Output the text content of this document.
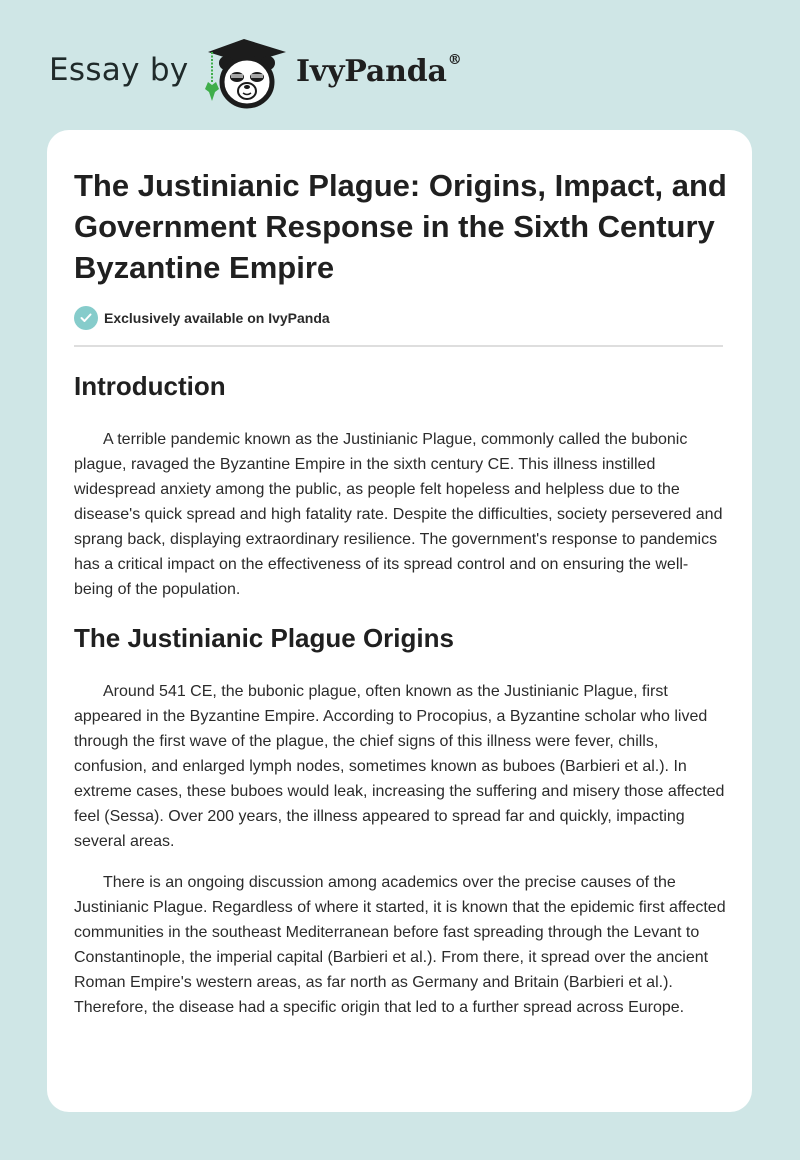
Essay by	IvyPanda®
The Justinianic Plague: Origins, Impact, and Government Response in the Sixth Century Byzantine Empire
Exclusively available on IvyPanda
Introduction

A terrible pandemic known as the Justinianic Plague, commonly called the bubonic plague, ravaged the Byzantine Empire in the sixth century CE. This illness instilled widespread anxiety among the public, as people felt hopeless and helpless due to the disease's quick spread and high fatality rate. Despite the difficulties, society persevered and sprang back, displaying extraordinary resilience. The government's response to pandemics has a critical impact on the effectiveness of its spread control and on ensuring the well-being of the population.

The Justinianic Plague Origins

Around 541 CE, the bubonic plague, often known as the Justinianic Plague, first appeared in the Byzantine Empire. According to Procopius, a Byzantine scholar who lived through the first wave of the plague, the chief signs of this illness were fever, chills, confusion, and enlarged lymph nodes, sometimes known as buboes (Barbieri et al.). In extreme cases, these buboes would leak, increasing the suffering and misery those affected feel (Sessa). Over 200 years, the illness appeared to spread far and quickly, impacting several areas.

There is an ongoing discussion among academics over the precise causes of the Justinianic Plague. Regardless of where it started, it is known that the epidemic first affected communities in the southeast Mediterranean before fast spreading through the Levant to Constantinople, the imperial capital (Barbieri et al.). From there, it spread over the ancient Roman Empire's western areas, as far north as Germany and Britain (Barbieri et al.). Therefore, the disease had a specific origin that led to a further spread across Europe.
